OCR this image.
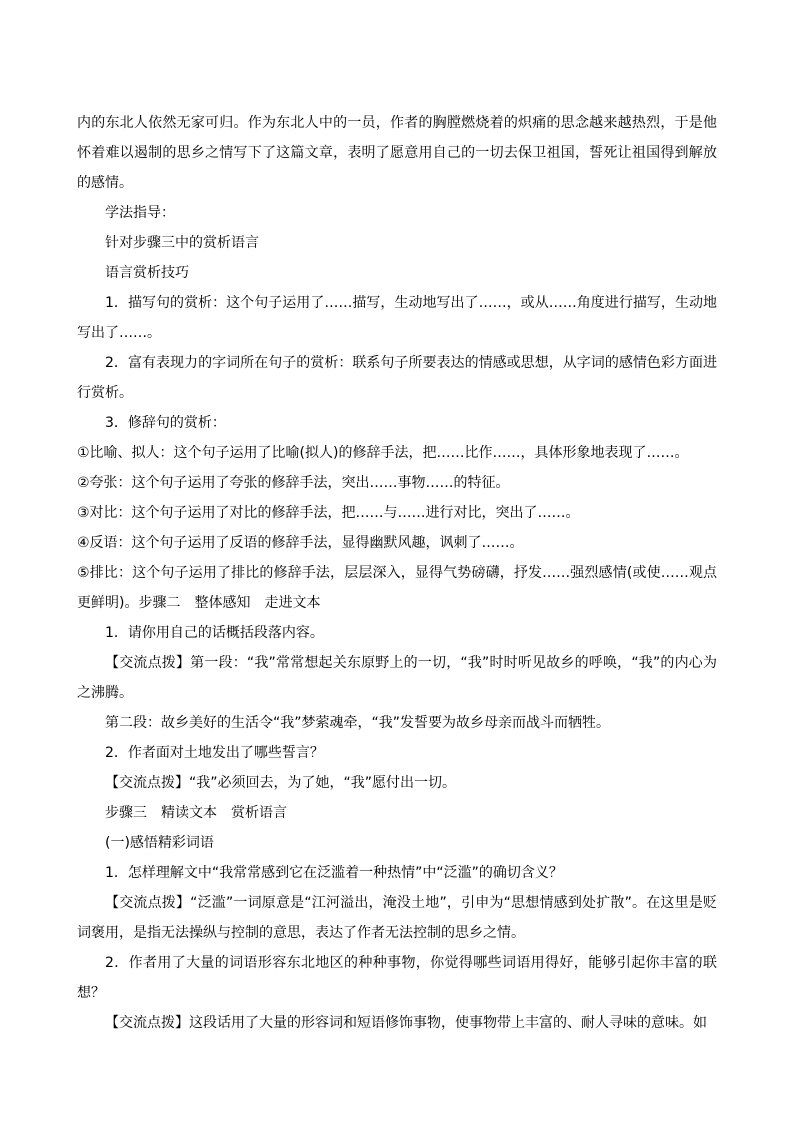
内的东北人依然无家可归。作为东北人中的一员，作者的胸膛燃烧着的炽痛的思念越来越热烈，于是他怀着难以遏制的思乡之情写下了这篇文章，表明了愿意用自己的一切去保卫祖国，誓死让祖国得到解放的感情。

学法指导：

针对步骤三中的赏析语言

语言赏析技巧

1．描写句的赏析：这个句子运用了……描写，生动地写出了……，或从……角度进行描写，生动地写出了……。

2．富有表现力的字词所在句子的赏析：联系句子所要表达的情感或思想，从字词的感情色彩方面进行赏析。

3．修辞句的赏析：

①比喻、拟人：这个句子运用了比喻(拟人)的修辞手法，把……比作……，具体形象地表现了……。

②夸张：这个句子运用了夸张的修辞手法，突出……事物……的特征。

③对比：这个句子运用了对比的修辞手法，把……与……进行对比，突出了……。

④反语：这个句子运用了反语的修辞手法，显得幽默风趣，讽刺了……。

⑤排比：这个句子运用了排比的修辞手法，层层深入，显得气势磅礴，抒发……强烈感情(或使……观点更鲜明)。步骤二　整体感知　走进文本

1．请你用自己的话概括段落内容。

【交流点拨】第一段：“我”常常想起关东原野上的一切，“我”时时听见故乡的呼唤，“我”的内心为之沸腾。

第二段：故乡美好的生活令“我”梦萦魂牵，“我”发誓要为故乡母亲而战斗而牺牲。

2．作者面对土地发出了哪些誓言？

【交流点拨】“我”必须回去，为了她，“我”愿付出一切。

步骤三　精读文本　赏析语言

(一)感悟精彩词语

1．怎样理解文中“我常常感到它在泛滥着一种热情”中“泛滥”的确切含义？

【交流点拨】“泛滥”一词原意是“江河溢出，淹没土地”，引申为“思想情感到处扩散”。在这里是贬词褒用，是指无法操纵与控制的意思，表达了作者无法控制的思乡之情。

2．作者用了大量的词语形容东北地区的种种事物，你觉得哪些词语用得好，能够引起你丰富的联想？

【交流点拨】这段话用了大量的形容词和短语修饰事物，使事物带上丰富的、耐人寻味的意味。如
